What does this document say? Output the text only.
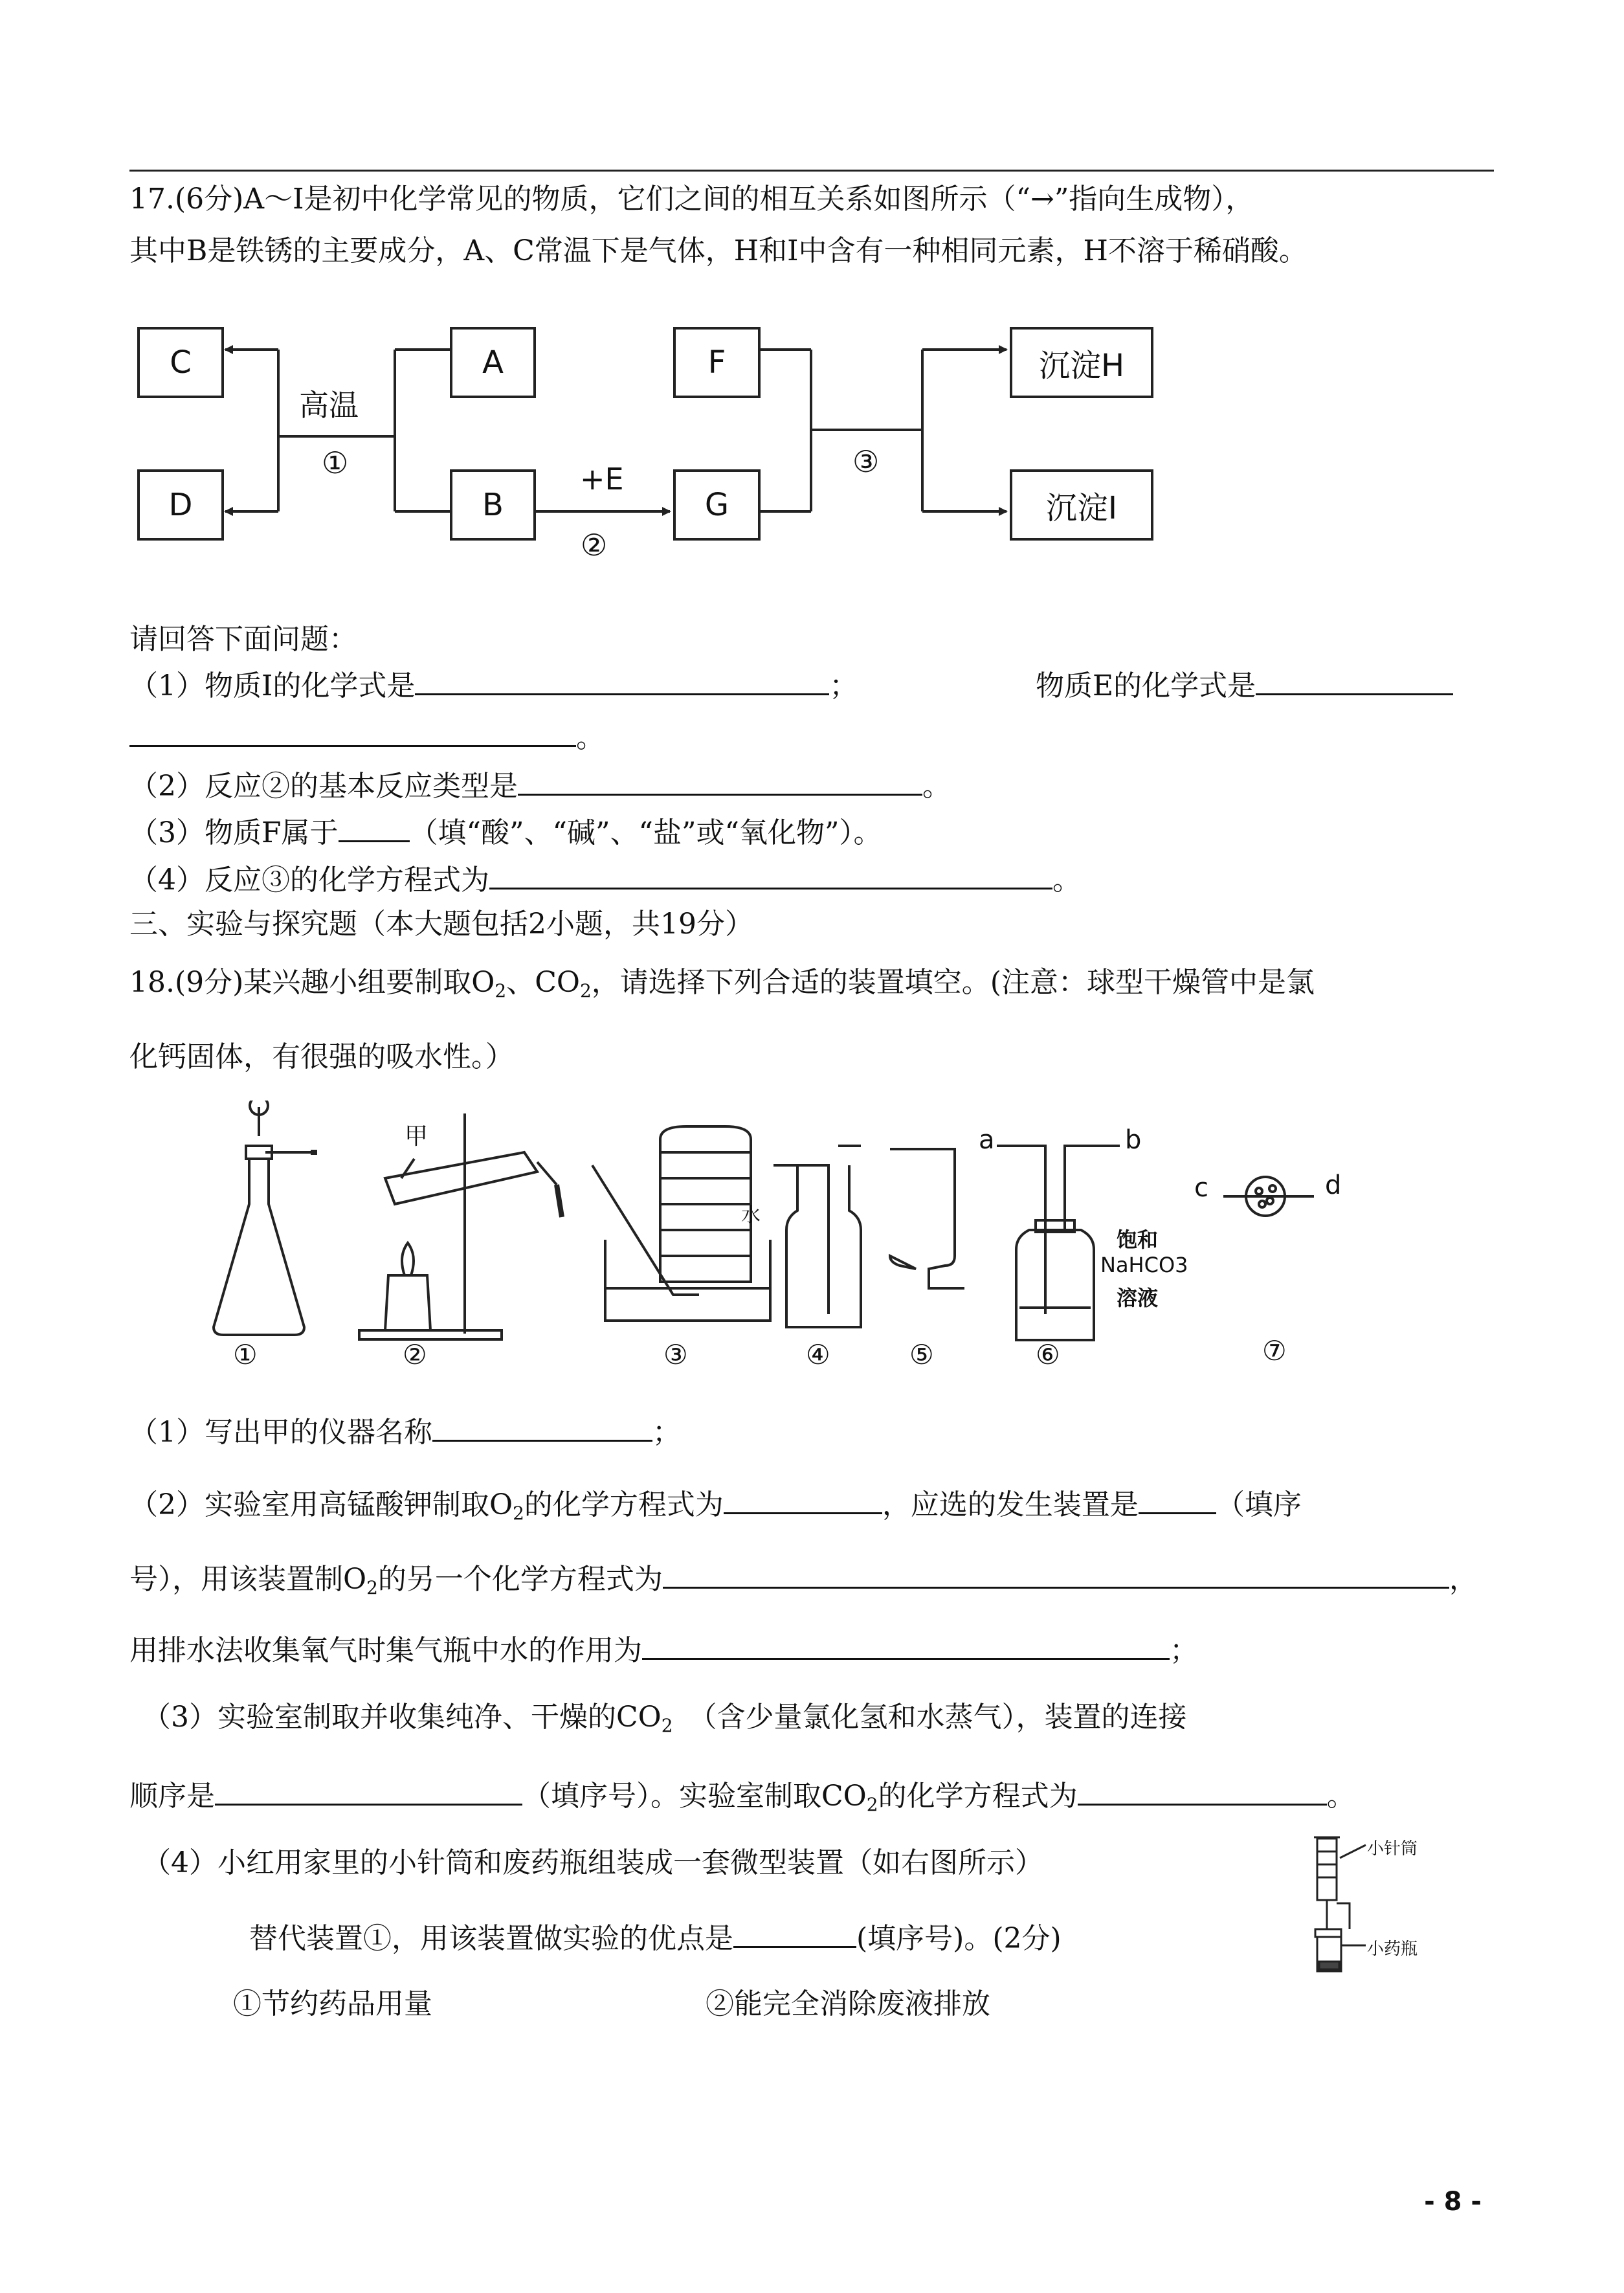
17.(6分)A～I是初中化学常见的物质，它们之间的相互关系如图所示（“→”指向生成物），
其中B是铁锈的主要成分，A、C常温下是气体，H和I中含有一种相同元素，H不溶于稀硝酸。
C
D
A
B
F
G
沉淀H
沉淀I
高温
①	+E
②
③
请回答下面问题：
（1）物质I的化学式是	；	物质E的化学式是
。
（2）反应②的基本反应类型是	。
（3）物质F属于	（填“酸”、“碱”、“盐”或“氧化物”）。
（4）反应③的化学方程式为	。
三、实验与探究题（本大题包括2小题，共19分）
18.(9分)某兴趣小组要制取$O_2$、$CO_2$，请选择下列合适的装置填空。(注意：球型干燥管中是氯
化钙固体，有很强的吸水性。）
甲
水
a	b
c	d
饱和
NaHCO3
溶液
①	②	③	④	⑤	⑥	⑦
（1）写出甲的仪器名称	；
（2）实验室用高锰酸钾制取$O_2$的化学方程式为	，应选的发生装置是	（填序
号），用该装置制$O_2$的另一个化学方程式为	，
用排水法收集氧气时集气瓶中水的作用为	；
（3）实验室制取并收集纯净、干燥的$CO_2$ （含少量氯化氢和水蒸气），装置的连接
顺序是	（填序号）。实验室制取$CO_2$的化学方程式为	。
（4）小红用家里的小针筒和废药瓶组装成一套微型装置（如右图所示）
替代装置①，用该装置做实验的优点是	(填序号)。(2分)
①节约药品用量	②能完全消除废液排放
小针筒
小药瓶
- 8 -
